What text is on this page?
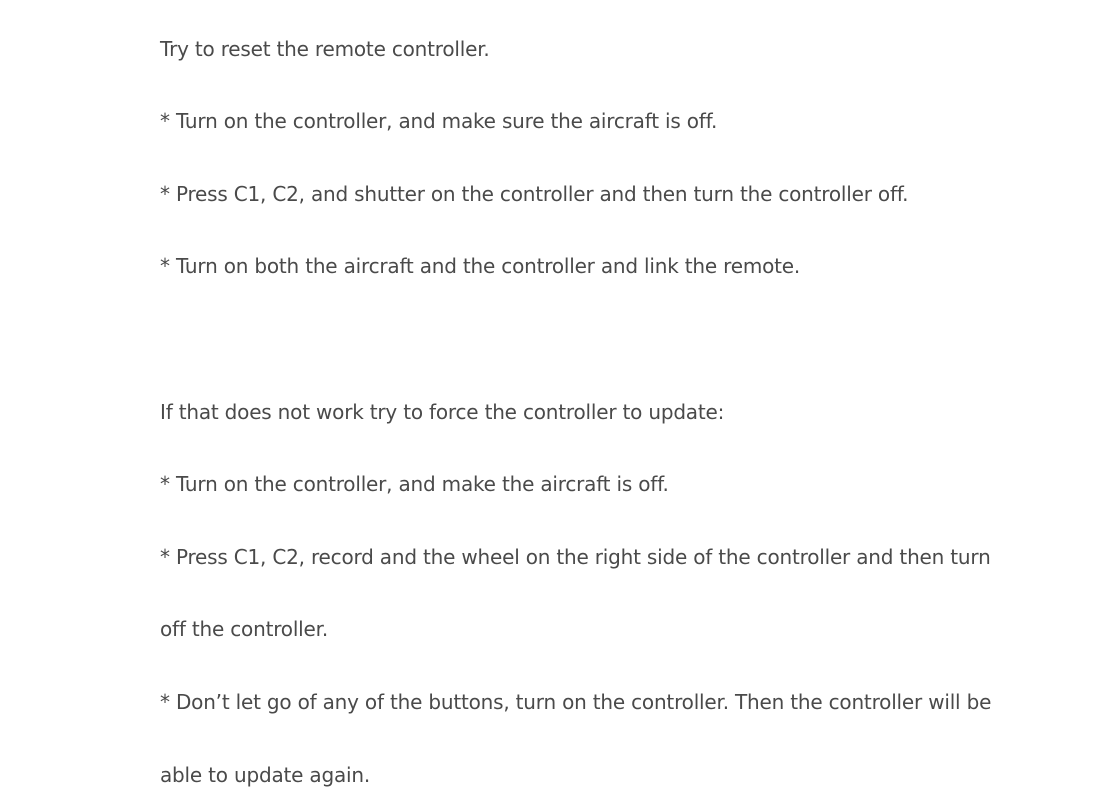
Try to reset the remote controller.
* Turn on the controller, and make sure the aircraft is off.
* Press C1, C2, and shutter on the controller and then turn the controller off.
* Turn on both the aircraft and the controller and link the remote.
If that does not work try to force the controller to update:
* Turn on the controller, and make the aircraft is off.
* Press C1, C2, record and the wheel on the right side of the controller and then turn
off the controller.
* Don’t let go of any of the buttons, turn on the controller. Then the controller will be
able to update again.
